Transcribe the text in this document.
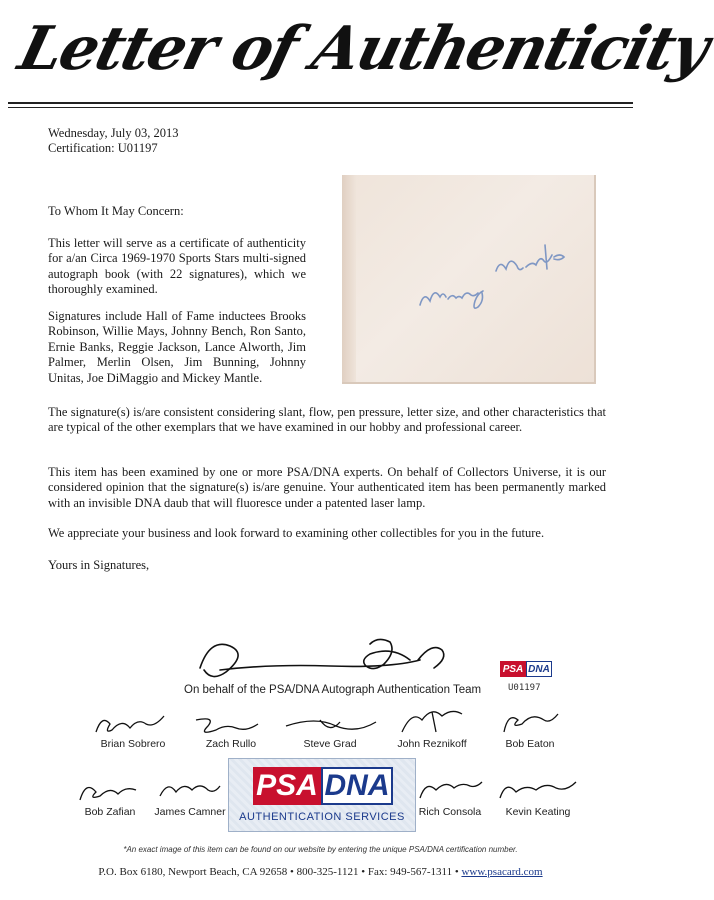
Letter of Authenticity
Wednesday, July 03, 2013
Certification: U01197
To Whom It May Concern:
This letter will serve as a certificate of authenticity for a/an Circa 1969-1970 Sports Stars multi-signed autograph book (with 22 signatures), which we thoroughly examined.
Signatures include Hall of Fame inductees Brooks Robinson, Willie Mays, Johnny Bench, Ron Santo, Ernie Banks, Reggie Jackson, Lance Alworth, Jim Palmer, Merlin Olsen, Jim Bunning, Johnny Unitas, Joe DiMaggio and Mickey Mantle.
The signature(s) is/are consistent considering slant, flow, pen pressure, letter size, and other characteristics that are typical of the other exemplars that we have examined in our hobby and professional career.
This item has been examined by one or more PSA/DNA experts. On behalf of Collectors Universe, it is our considered opinion that the signature(s) is/are genuine. Your authenticated item has been permanently marked with an invisible DNA daub that will fluoresce under a patented laser lamp.
We appreciate your business and look forward to examining other collectibles for you in the future.
Yours in Signatures,
On behalf of the PSA/DNA Autograph Authentication Team
PSA DNA
U01197
Brian Sobrero	Zach Rullo	Steve Grad	John Reznikoff	Bob Eaton
Bob Zafian	James Camner	Rich Consola	Kevin Keating
PSA DNA
AUTHENTICATION SERVICES
*An exact image of this item can be found on our website by entering the unique PSA/DNA certification number.
P.O. Box 6180, Newport Beach, CA 92658 • 800-325-1121 • Fax: 949-567-1311 • www.psacard.com
